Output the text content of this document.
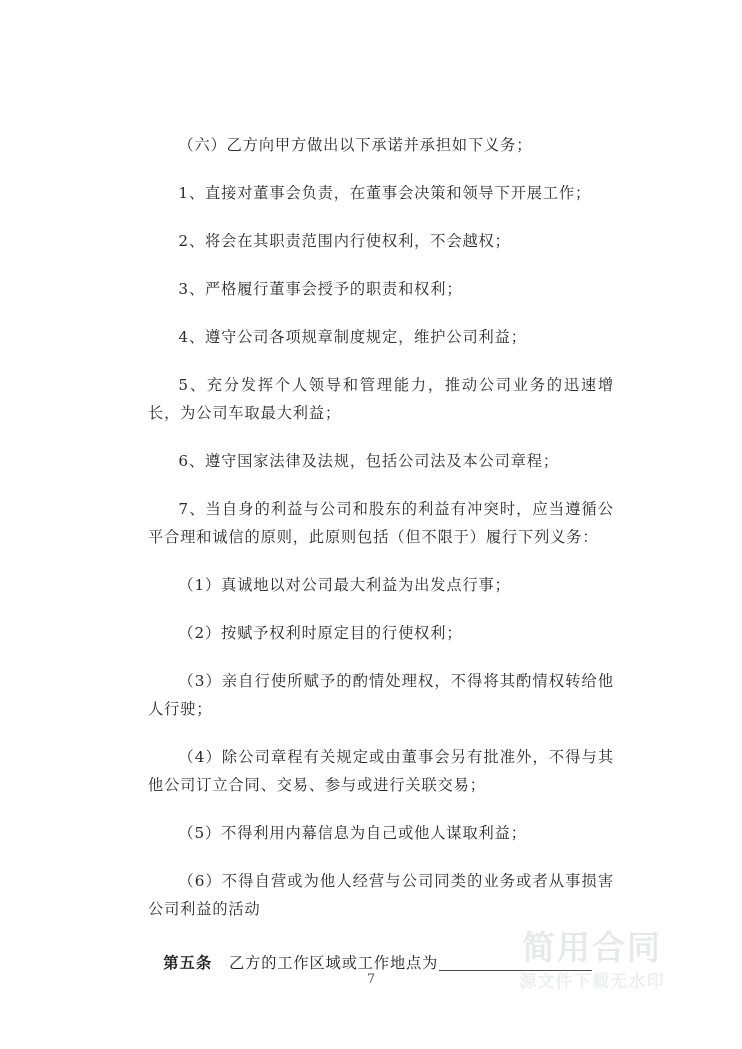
简用合同
源文件下载无水印

（六）乙方向甲方做出以下承诺并承担如下义务；

1、直接对董事会负责，在董事会决策和领导下开展工作；

2、将会在其职责范围内行使权利，不会越权；

3、严格履行董事会授予的职责和权利；

4、遵守公司各项规章制度规定，维护公司利益；

5、充分发挥个人领导和管理能力，推动公司业务的迅速增长，为公司车取最大利益；

6、遵守国家法律及法规，包括公司法及本公司章程；

7、当自身的利益与公司和股东的利益有冲突时，应当遵循公平合理和诚信的原则，此原则包括（但不限于）履行下列义务：

（1）真诚地以对公司最大利益为出发点行事；

（2）按赋予权利时原定目的行使权利；

（3）亲自行使所赋予的酌情处理权，不得将其酌情权转给他人行驶；

（4）除公司章程有关规定或由董事会另有批准外，不得与其他公司订立合同、交易、参与或进行关联交易；

（5）不得利用内幕信息为自己或他人谋取利益；

（6）不得自营或为他人经营与公司同类的业务或者从事损害公司利益的活动

第五条 乙方的工作区域或工作地点为

7
